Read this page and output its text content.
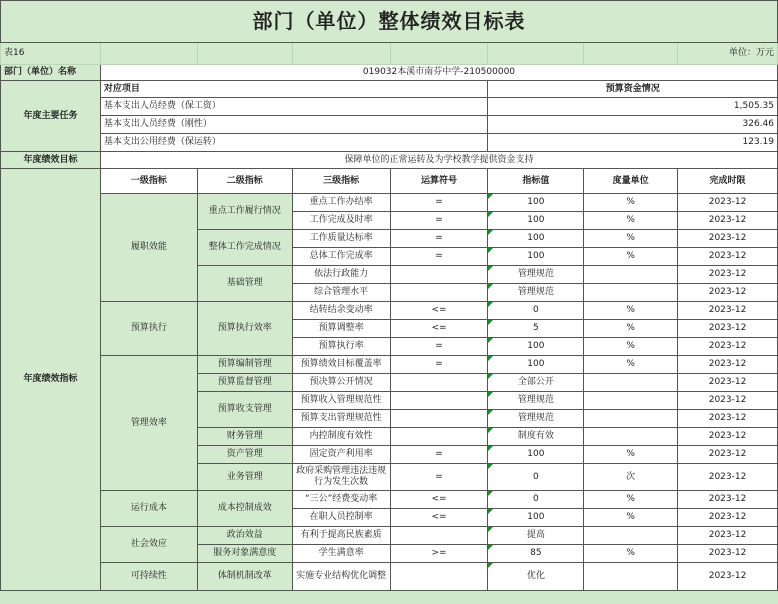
部门（单位）整体绩效目标表							
表16							单位：万元
部门（单位）名称	019032本溪市南芬中学-210500000						
年度主要任务	对应项目				预算资金情况		
	基本支出人员经费（保工资）				1,505.35		
	基本支出人员经费（刚性）				326.46		
	基本支出公用经费（保运转）				123.19		
年度绩效目标	保障单位的正常运转及为学校教学提供资金支持						
年度绩效指标	一级指标	二级指标	三级指标	运算符号	指标值	度量单位	完成时限
	履职效能	重点工作履行情况	重点工作办结率	=	100	%	2023-12
			工作完成及时率	=	100	%	2023-12
		整体工作完成情况	工作质量达标率	=	100	%	2023-12
			总体工作完成率	=	100	%	2023-12
		基础管理	依法行政能力		管理规范		2023-12
			综合管理水平		管理规范		2023-12
	预算执行	预算执行效率	结转结余变动率	<=	0	%	2023-12
			预算调整率	<=	5	%	2023-12
			预算执行率	=	100	%	2023-12
	管理效率	预算编制管理	预算绩效目标覆盖率	=	100	%	2023-12
		预算监督管理	预决算公开情况		全部公开		2023-12
		预算收支管理	预算收入管理规范性		管理规范		2023-12
			预算支出管理规范性		管理规范		2023-12
		财务管理	内控制度有效性		制度有效		2023-12
		资产管理	固定资产利用率	=	100	%	2023-12
		业务管理	政府采购管理违法违规行为发生次数	=	0	次	2023-12
	运行成本	成本控制成效	“三公”经费变动率	<=	0	%	2023-12
			在职人员控制率	<=	100	%	2023-12
	社会效应	政治效益	有利于提高民族素质		提高		2023-12
		服务对象满意度	学生满意率	>=	85	%	2023-12
	可持续性	体制机制改革	实施专业结构优化调整		优化		2023-12
